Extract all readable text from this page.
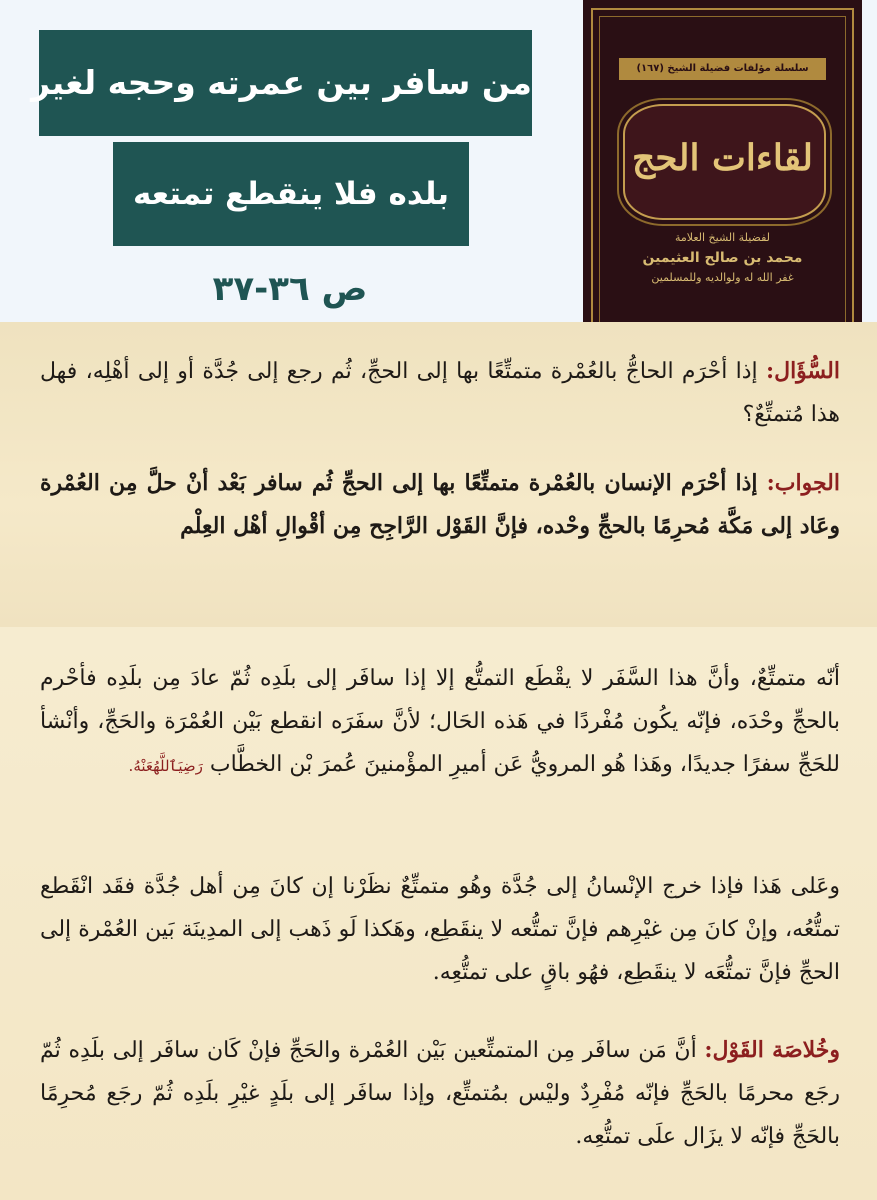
من سافر بين عمرته وحجه لغير
بلده فلا ينقطع تمتعه
ص ٣٦-٣٧
سلسلة مؤلفات فضيلة الشيخ (١٦٧)
لقاءات الحج
لفضيلة الشيخ العلامة
محمد بن صالح العثيمين
غفر الله له ولوالديه وللمسلمين

السُّؤَال: إذا أحْرَم الحاجُّ بالعُمْرة متمتِّعًا بها إلى الحجِّ، ثُم رجع إلى جُدَّة أو إلى أهْلِه، فهل هذا مُتمتِّعٌ؟

الجواب: إذا أحْرَم الإنسان بالعُمْرة متمتِّعًا بها إلى الحجِّ ثُم سافر بَعْد أنْ حلَّ مِن العُمْرة وعَاد إلى مَكَّة مُحرِمًا بالحجِّ وحْده، فإنَّ القَوْل الرَّاجِح مِن أقْوالِ أهْل العِلْم

أنّه متمتِّعٌ، وأنَّ هذا السَّفَر لا يقْطَع التمتُّع إلا إذا سافَر إلى بلَدِه ثُمّ عادَ مِن بلَدِه فأحْرم بالحجِّ وحْدَه، فإنّه يكُون مُفْردًا في هَذه الحَال؛ لأنَّ سفَرَه انقطع بَيْن العُمْرَة والحَجِّ، وأنْشأ للحَجِّ سفرًا جديدًا، وهَذا هُو المرويُّ عَن أميرِ المؤْمنينَ عُمرَ بْن الخطَّاب رَضِيَٱللَّهُعَنْهُ.

وعَلى هَذا فإذا خرج الإنْسانُ إلى جُدَّة وهُو متمتِّعٌ نظَرْنا إن كانَ مِن أهل جُدَّة فقَد انْقَطع تمتُّعُه، وإنْ كانَ مِن غيْرِهم فإنَّ تمتُّعه لا ينقَطِع، وهَكذا لَو ذَهب إلى المدِينَة بَين العُمْرة إلى الحجِّ فإنَّ تمتُّعَه لا ينقَطِع، فهُو باقٍ على تمتُّعِه.

وخُلاصَة القَوْل: أنَّ مَن سافَر مِن المتمتِّعين بَيْن العُمْرة والحَجِّ فإنْ كَان سافَر إلى بلَدِه ثُمّ رجَع محرمًا بالحَجِّ فإنّه مُفْرِدٌ وليْس بمُتمتِّع، وإذا سافَر إلى بلَدٍ غيْرِ بلَدِه ثُمّ رجَع مُحرِمًا بالحَجِّ فإنّه لا يزَال علَى تمتُّعِه.
